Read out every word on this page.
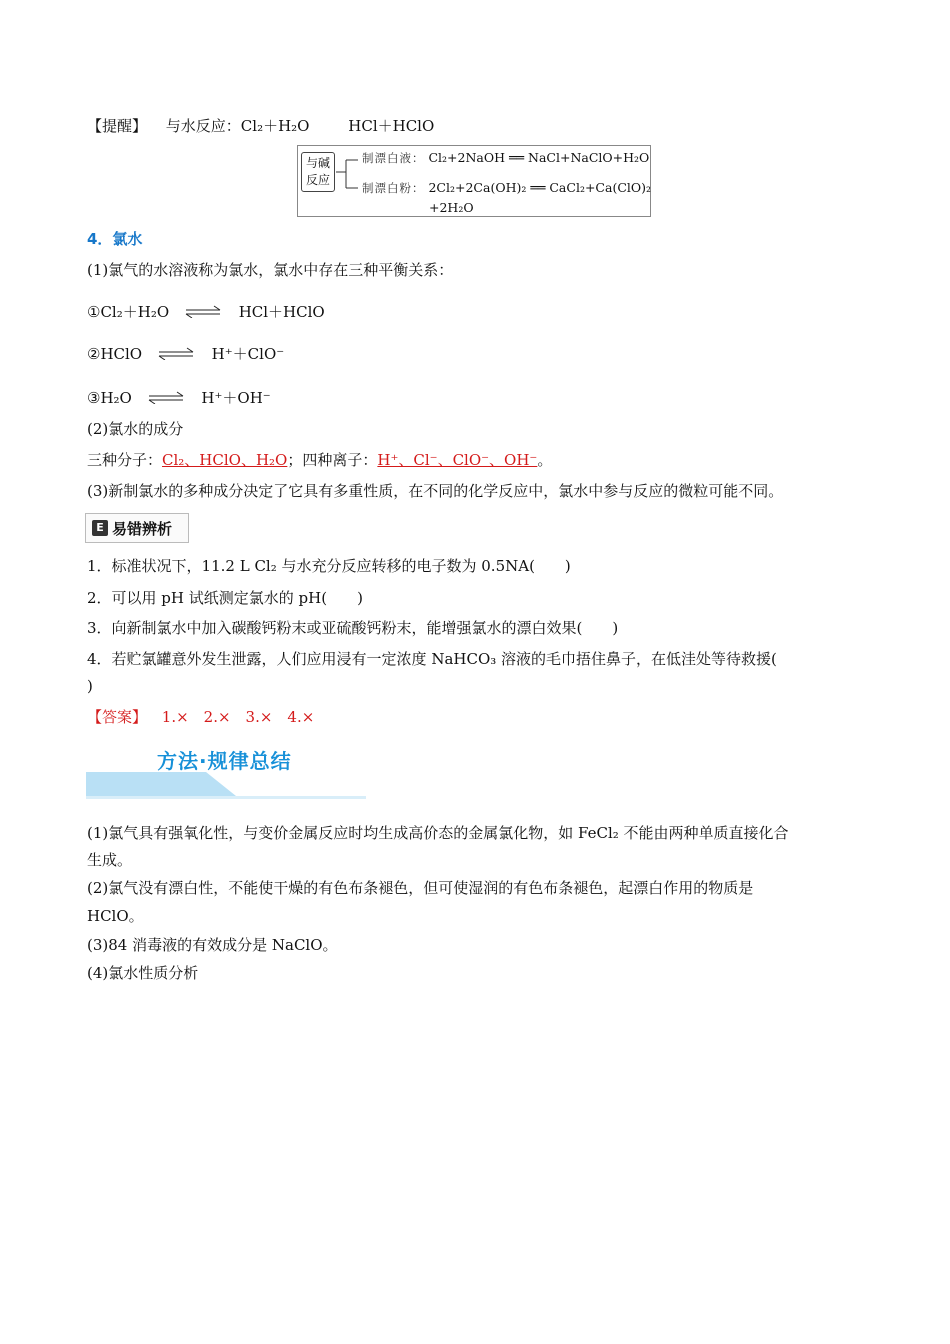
【提醒】 与水反应：Cl₂＋H₂O	HCl＋HClO
与碱
反应
制漂白液： Cl₂+2NaOH ══ NaCl+NaClO+H₂O
制漂白粉： 2Cl₂+2Ca(OH)₂ ══ CaCl₂+Ca(ClO)₂
+2H₂O
4．氯水
(1)氯气的水溶液称为氯水，氯水中存在三种平衡关系：
①Cl₂＋H₂O ⇌ HCl＋HClO
②HClO ⇌ H⁺＋ClO⁻
③H₂O ⇌ H⁺＋OH⁻
(2)氯水的成分
三种分子：Cl₂、HClO、H₂O；四种离子：H⁺、Cl⁻、ClO⁻、OH⁻。
(3)新制氯水的多种成分决定了它具有多重性质，在不同的化学反应中，氯水中参与反应的微粒可能不同。
E 易错辨析
1．标准状况下，11.2 L Cl₂ 与水充分反应转移的电子数为 0.5NA(　　)
2．可以用 pH 试纸测定氯水的 pH(　　)
3．向新制氯水中加入碳酸钙粉末或亚硫酸钙粉末，能增强氯水的漂白效果(　　)
4．若贮氯罐意外发生泄露，人们应用浸有一定浓度 NaHCO₃ 溶液的毛巾捂住鼻子，在低洼处等待救援(
)
【答案】 1.×　2.×　3.×　4.×
方法·规律总结
(1)氯气具有强氧化性，与变价金属反应时均生成高价态的金属氯化物，如 FeCl₂ 不能由两种单质直接化合
生成。
(2)氯气没有漂白性，不能使干燥的有色布条褪色，但可使湿润的有色布条褪色，起漂白作用的物质是
HClO。
(3)84 消毒液的有效成分是 NaClO。
(4)氯水性质分析
